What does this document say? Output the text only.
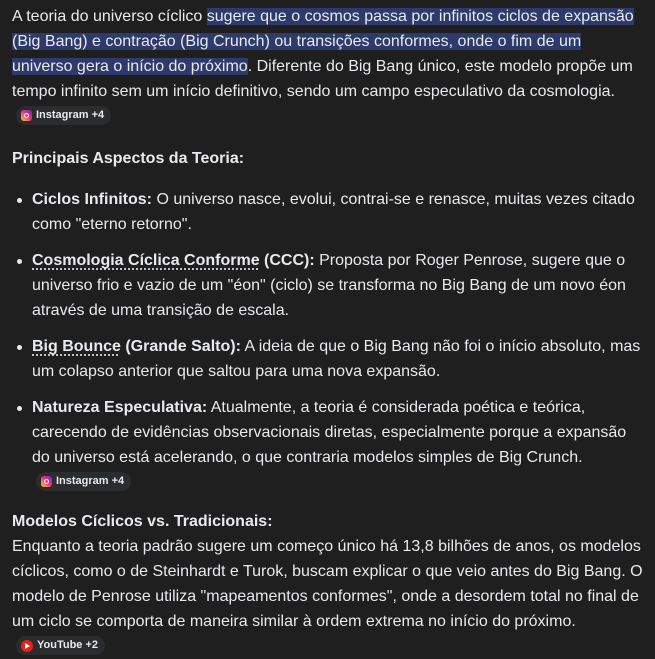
A teoria do universo cíclico sugere que o cosmos passa por infinitos ciclos de expansão (Big Bang) e contração (Big Crunch) ou transições conformes, onde o fim de um universo gera o início do próximo. Diferente do Big Bang único, este modelo propõe um tempo infinito sem um início definitivo, sendo um campo especulativo da cosmologia.
Instagram +4

Principais Aspectos da Teoria:

Ciclos Infinitos: O universo nasce, evolui, contrai-se e renasce, muitas vezes citado como "eterno retorno".
Cosmologia Cíclica Conforme (CCC): Proposta por Roger Penrose, sugere que o universo frio e vazio de um "éon" (ciclo) se transforma no Big Bang de um novo éon através de uma transição de escala.
Big Bounce (Grande Salto): A ideia de que o Big Bang não foi o início absoluto, mas um colapso anterior que saltou para uma nova expansão.
Natureza Especulativa: Atualmente, a teoria é considerada poética e teórica, carecendo de evidências observacionais diretas, especialmente porque a expansão do universo está acelerando, o que contraria modelos simples de Big Crunch.
Instagram +4

Modelos Cíclicos vs. Tradicionais:

Enquanto a teoria padrão sugere um começo único há 13,8 bilhões de anos, os modelos cíclicos, como o de Steinhardt e Turok, buscam explicar o que veio antes do Big Bang. O modelo de Penrose utiliza "mapeamentos conformes", onde a desordem total no final de um ciclo se comporta de maneira similar à ordem extrema no início do próximo.
YouTube +2
